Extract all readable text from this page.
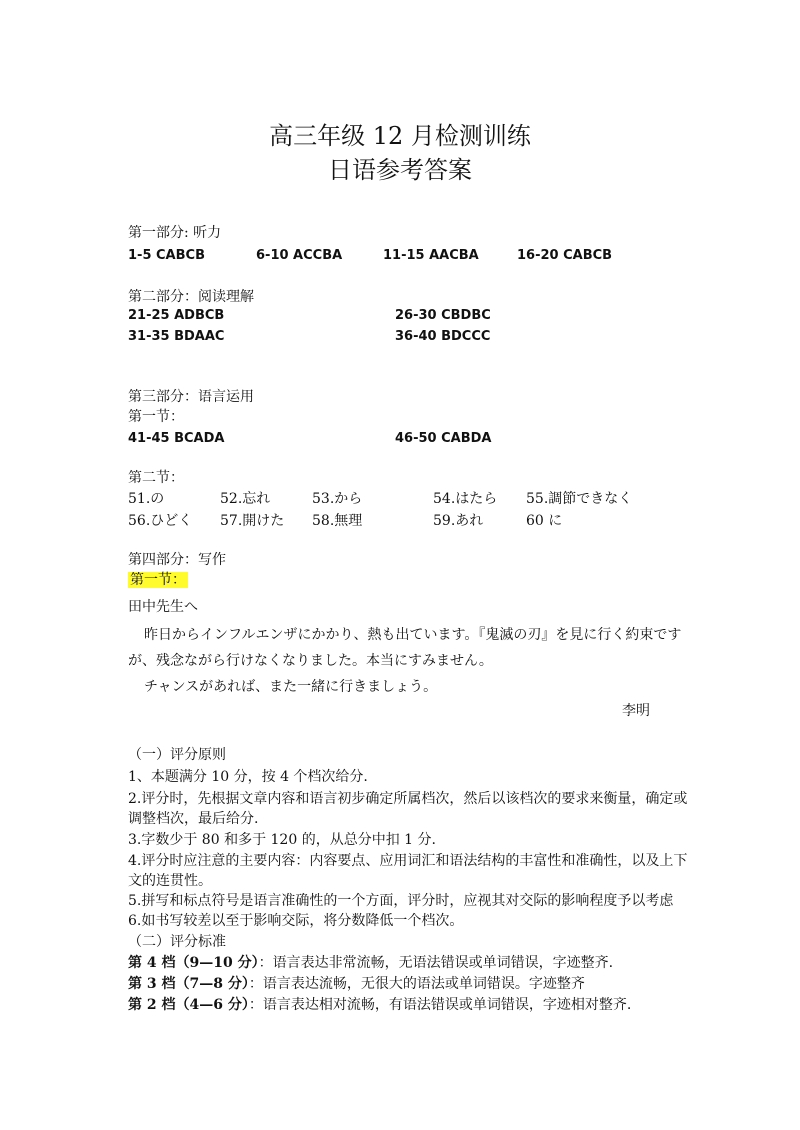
高三年级 12 月检测训练
日语参考答案
第一部分: 听力
1-5 CABCB	6-10 ACCBA	11-15 AACBA	16-20 CABCB
第二部分：阅读理解
21-25 ADBCB	26-30 CBDBC
31-35 BDAAC	36-40 BDCCC
第三部分：语言运用
第一节：
41-45 BCADA	46-50 CABDA
第二节：
51.の	52.忘れ	53.から	54.はたら 55.調節できなく
56.ひどく 57.開けた 58.無理	59.あれ	60 に
第四部分：写作
第一节：
田中先生へ
昨日からインフルエンザにかかり、熱も出ています。『鬼滅の刃』を見に行く約束です
が、残念ながら行けなくなりました。本当にすみません。
チャンスがあれば、また一緒に行きましょう。
李明
（一）评分原则
1、本题满分 10 分，按 4 个档次给分.
2.评分时，先根据文章内容和语言初步确定所属档次，然后以该档次的要求来衡量，确定或
调整档次，最后给分.
3.字数少于 80 和多于 120 的，从总分中扣 1 分.
4.评分时应注意的主要内容：内容要点、应用词汇和语法结构的丰富性和准确性，以及上下
文的连贯性。
5.拼写和标点符号是语言准确性的一个方面，评分时，应视其对交际的影响程度予以考虑
6.如书写较差以至于影响交际，将分数降低一个档次。
（二）评分标准
第 4 档（9—10 分）：语言表达非常流畅，无语法错误或单词错误，字迹整齐.
第 3 档（7—8 分）：语言表达流畅，无很大的语法或单词错误。字迹整齐
第 2 档（4—6 分）：语言表达相对流畅，有语法错误或单词错误，字迹相对整齐.
